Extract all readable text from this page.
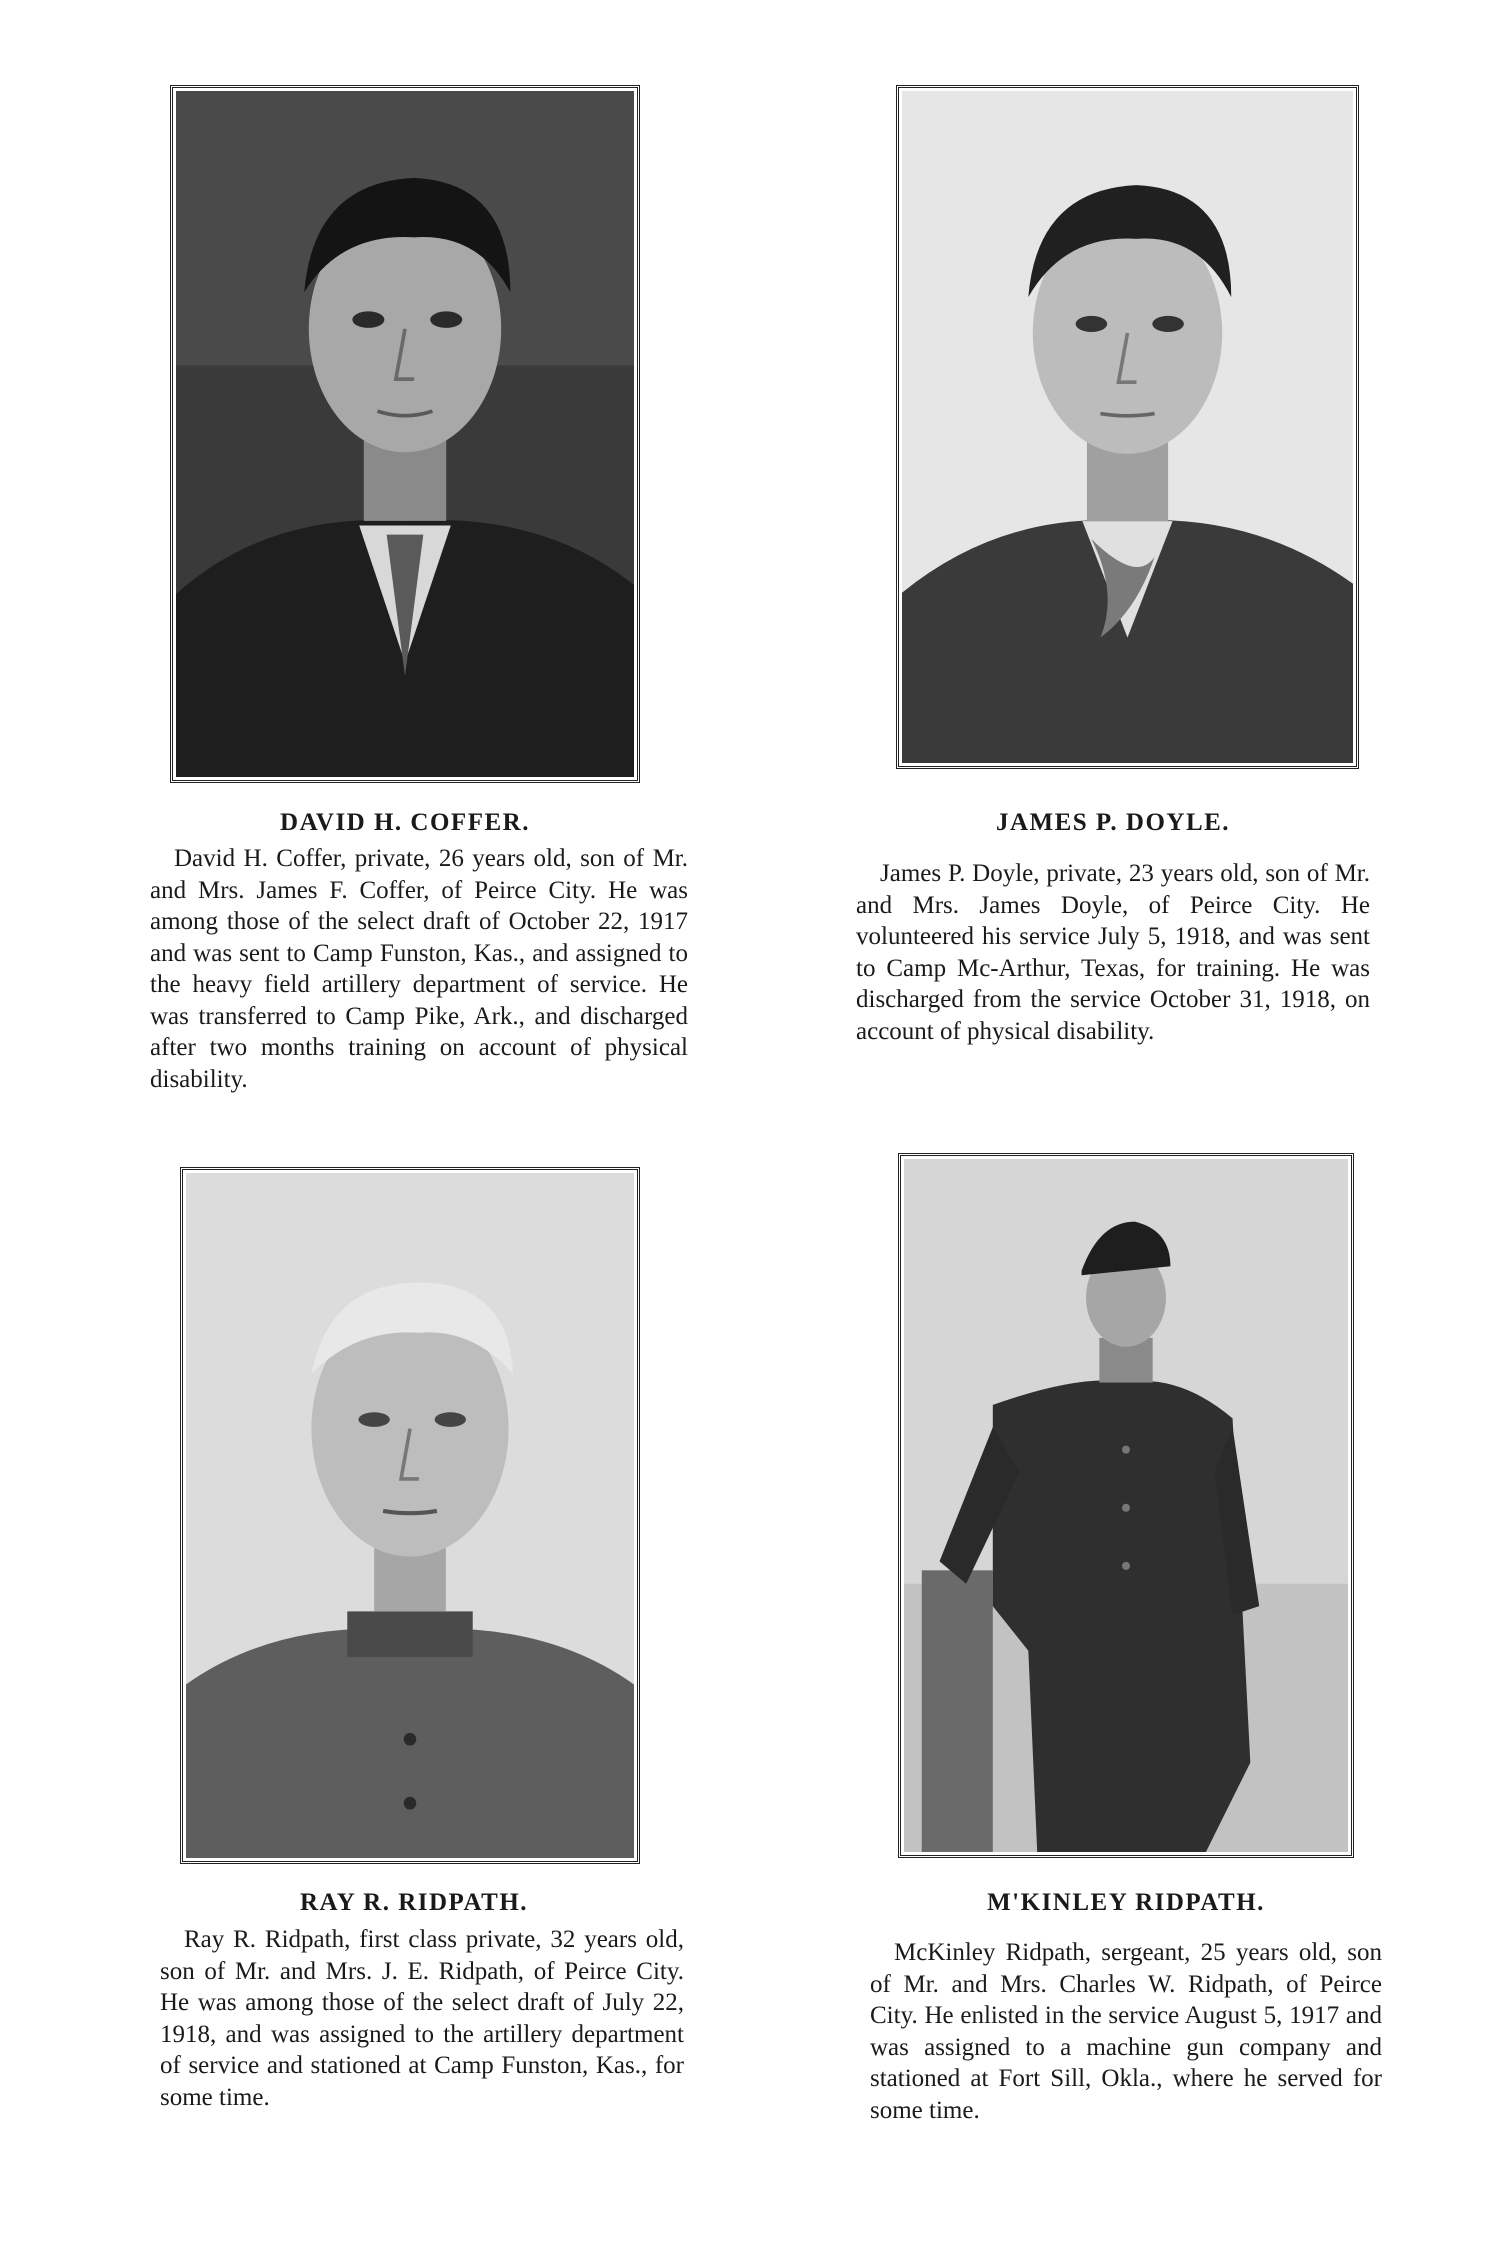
DAVID H. COFFER.

David H. Coffer, private, 26 years old, son of Mr. and Mrs. James F. Coffer, of Peirce City. He was among those of the select draft of October 22, 1917 and was sent to Camp Funston, Kas., and assigned to the heavy field artillery department of service. He was transferred to Camp Pike, Ark., and discharged after two months training on account of physical disability.

JAMES P. DOYLE.

James P. Doyle, private, 23 years old, son of Mr. and Mrs. James Doyle, of Peirce City. He volunteered his service July 5, 1918, and was sent to Camp Mc-Arthur, Texas, for training. He was discharged from the service October 31, 1918, on account of physical disability.

RAY R. RIDPATH.

Ray R. Ridpath, first class private, 32 years old, son of Mr. and Mrs. J. E. Ridpath, of Peirce City. He was among those of the select draft of July 22, 1918, and was assigned to the artillery department of service and stationed at Camp Funston, Kas., for some time.

M'KINLEY RIDPATH.

McKinley Ridpath, sergeant, 25 years old, son of Mr. and Mrs. Charles W. Ridpath, of Peirce City. He enlisted in the service August 5, 1917 and was assigned to a machine gun company and stationed at Fort Sill, Okla., where he served for some time.
